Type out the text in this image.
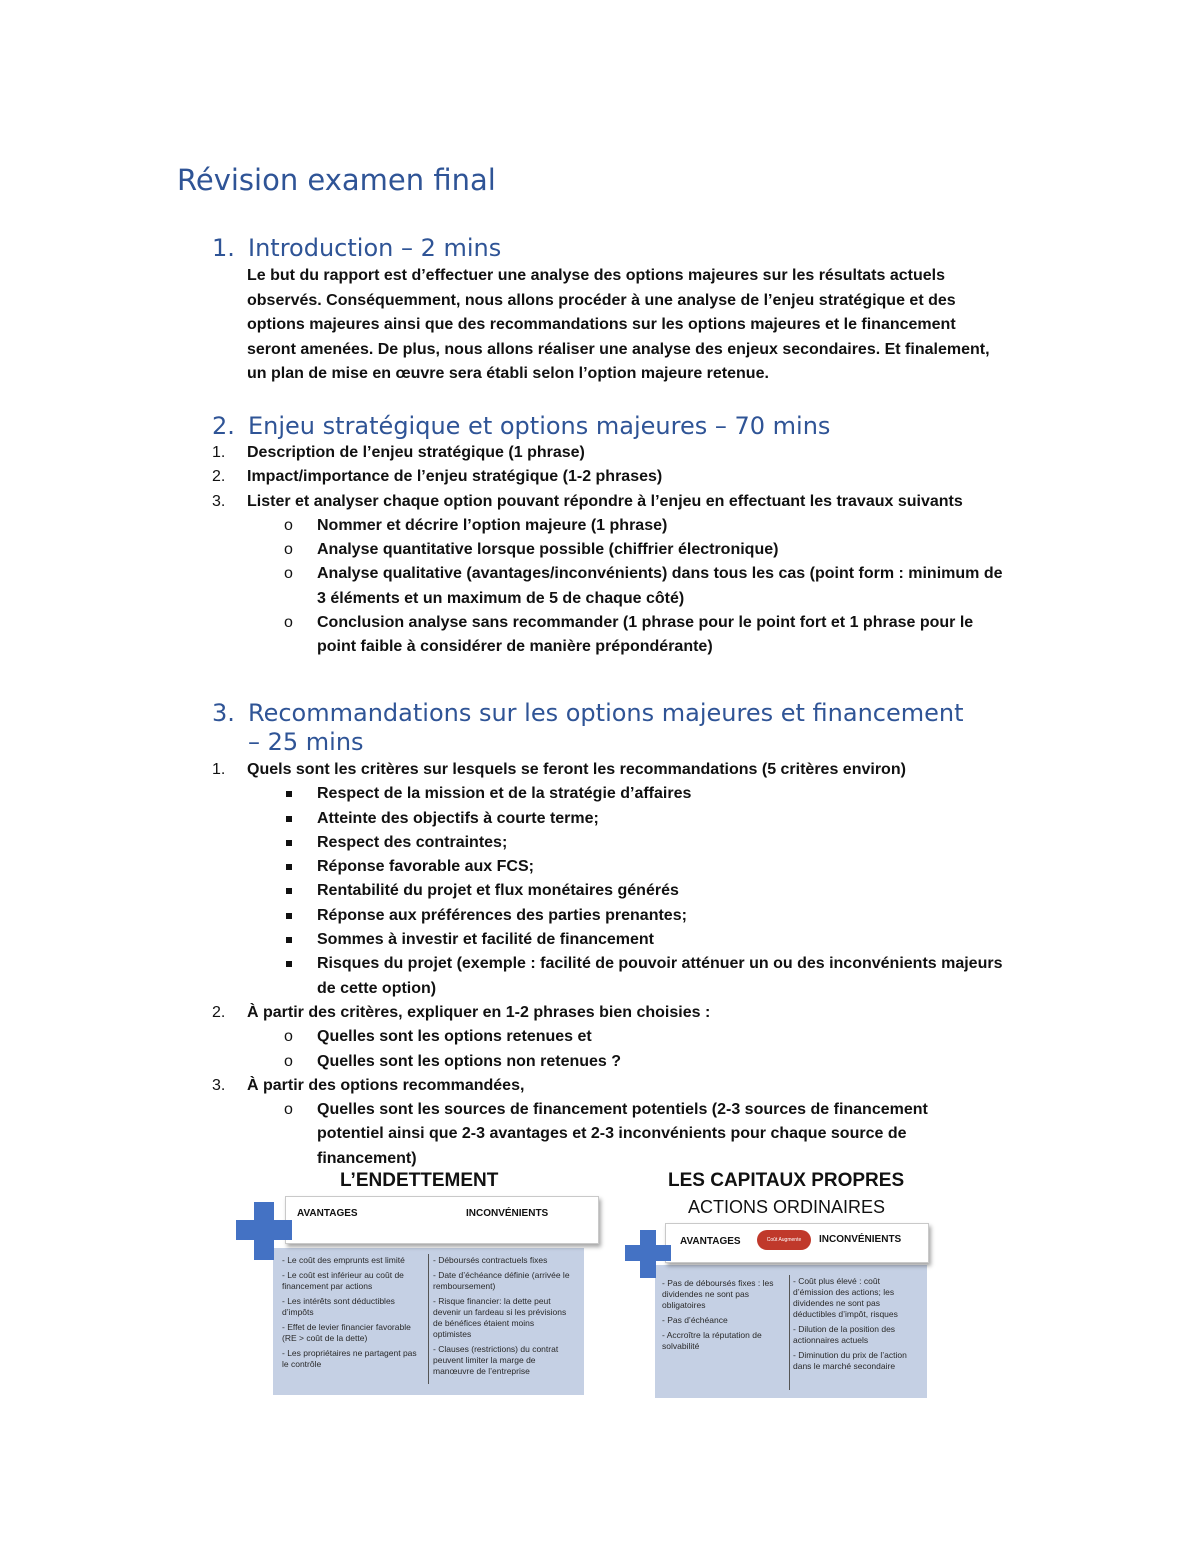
Révision examen final
1. Introduction – 2 mins

Le but du rapport est d’effectuer une analyse des options majeures sur les résultats actuels observés. Conséquemment, nous allons procéder à une analyse de l’enjeu stratégique et des options majeures ainsi que des recommandations sur les options majeures et le financement seront amenées. De plus, nous allons réaliser une analyse des enjeux secondaires. Et finalement, un plan de mise en œuvre sera établi selon l’option majeure retenue.

2. Enjeu stratégique et options majeures – 70 mins
1. Description de l’enjeu stratégique (1 phrase)
2. Impact/importance de l’enjeu stratégique (1-2 phrases)
3. Lister et analyser chaque option pouvant répondre à l’enjeu en effectuant les travaux suivants
o Nommer et décrire l’option majeure (1 phrase)
o Analyse quantitative lorsque possible (chiffrier électronique)
o Analyse qualitative (avantages/inconvénients) dans tous les cas (point form : minimum de 3 éléments et un maximum de 5 de chaque côté)
o Conclusion analyse sans recommander (1 phrase pour le point fort et 1 phrase pour le point faible à considérer de manière prépondérante)
3. Recommandations sur les options majeures et financement
– 25 mins
1. Quels sont les critères sur lesquels se feront les recommandations (5 critères environ)
Respect de la mission et de la stratégie d’affaires
Atteinte des objectifs à courte terme;
Respect des contraintes;
Réponse favorable aux FCS;
Rentabilité du projet et flux monétaires générés
Réponse aux préférences des parties prenantes;
Sommes à investir et facilité de financement
Risques du projet (exemple : facilité de pouvoir atténuer un ou des inconvénients majeurs de cette option)
2. À partir des critères, expliquer en 1-2 phrases bien choisies :
o Quelles sont les options retenues et
o Quelles sont les options non retenues ?
3. À partir des options recommandées,
o Quelles sont les sources de financement potentiels (2-3 sources de financement potentiel ainsi que 2-3 avantages et 2-3 inconvénients pour chaque source de financement)

L’ENDETTEMENT

AVANTAGES	INCONVÉNIENTS

- Le coût des emprunts est limité

- Le coût est inférieur au coût de financement par actions

- Les intérêts sont déductibles d’impôts

- Effet de levier financier favorable (RE > coût de la dette)

- Les propriétaires ne partagent pas le contrôle

- Déboursés contractuels fixes

- Date d’échéance définie (arrivée le remboursement)

- Risque financier: la dette peut devenir un fardeau si les prévisions de bénéfices étaient moins optimistes

- Clauses (restrictions) du contrat peuvent limiter la marge de manœuvre de l’entreprise

LES CAPITAUX PROPRES

ACTIONS ORDINAIRES

AVANTAGES	INCONVÉNIENTS
Coût Augmente

- Pas de déboursés fixes : les dividendes ne sont pas obligatoires

- Pas d’échéance

- Accroître la réputation de solvabilité

- Coût plus élevé : coût d’émission des actions; les dividendes ne sont pas déductibles d’impôt, risques

- Dilution de la position des actionnaires actuels

- Diminution du prix de l’action dans le marché secondaire
